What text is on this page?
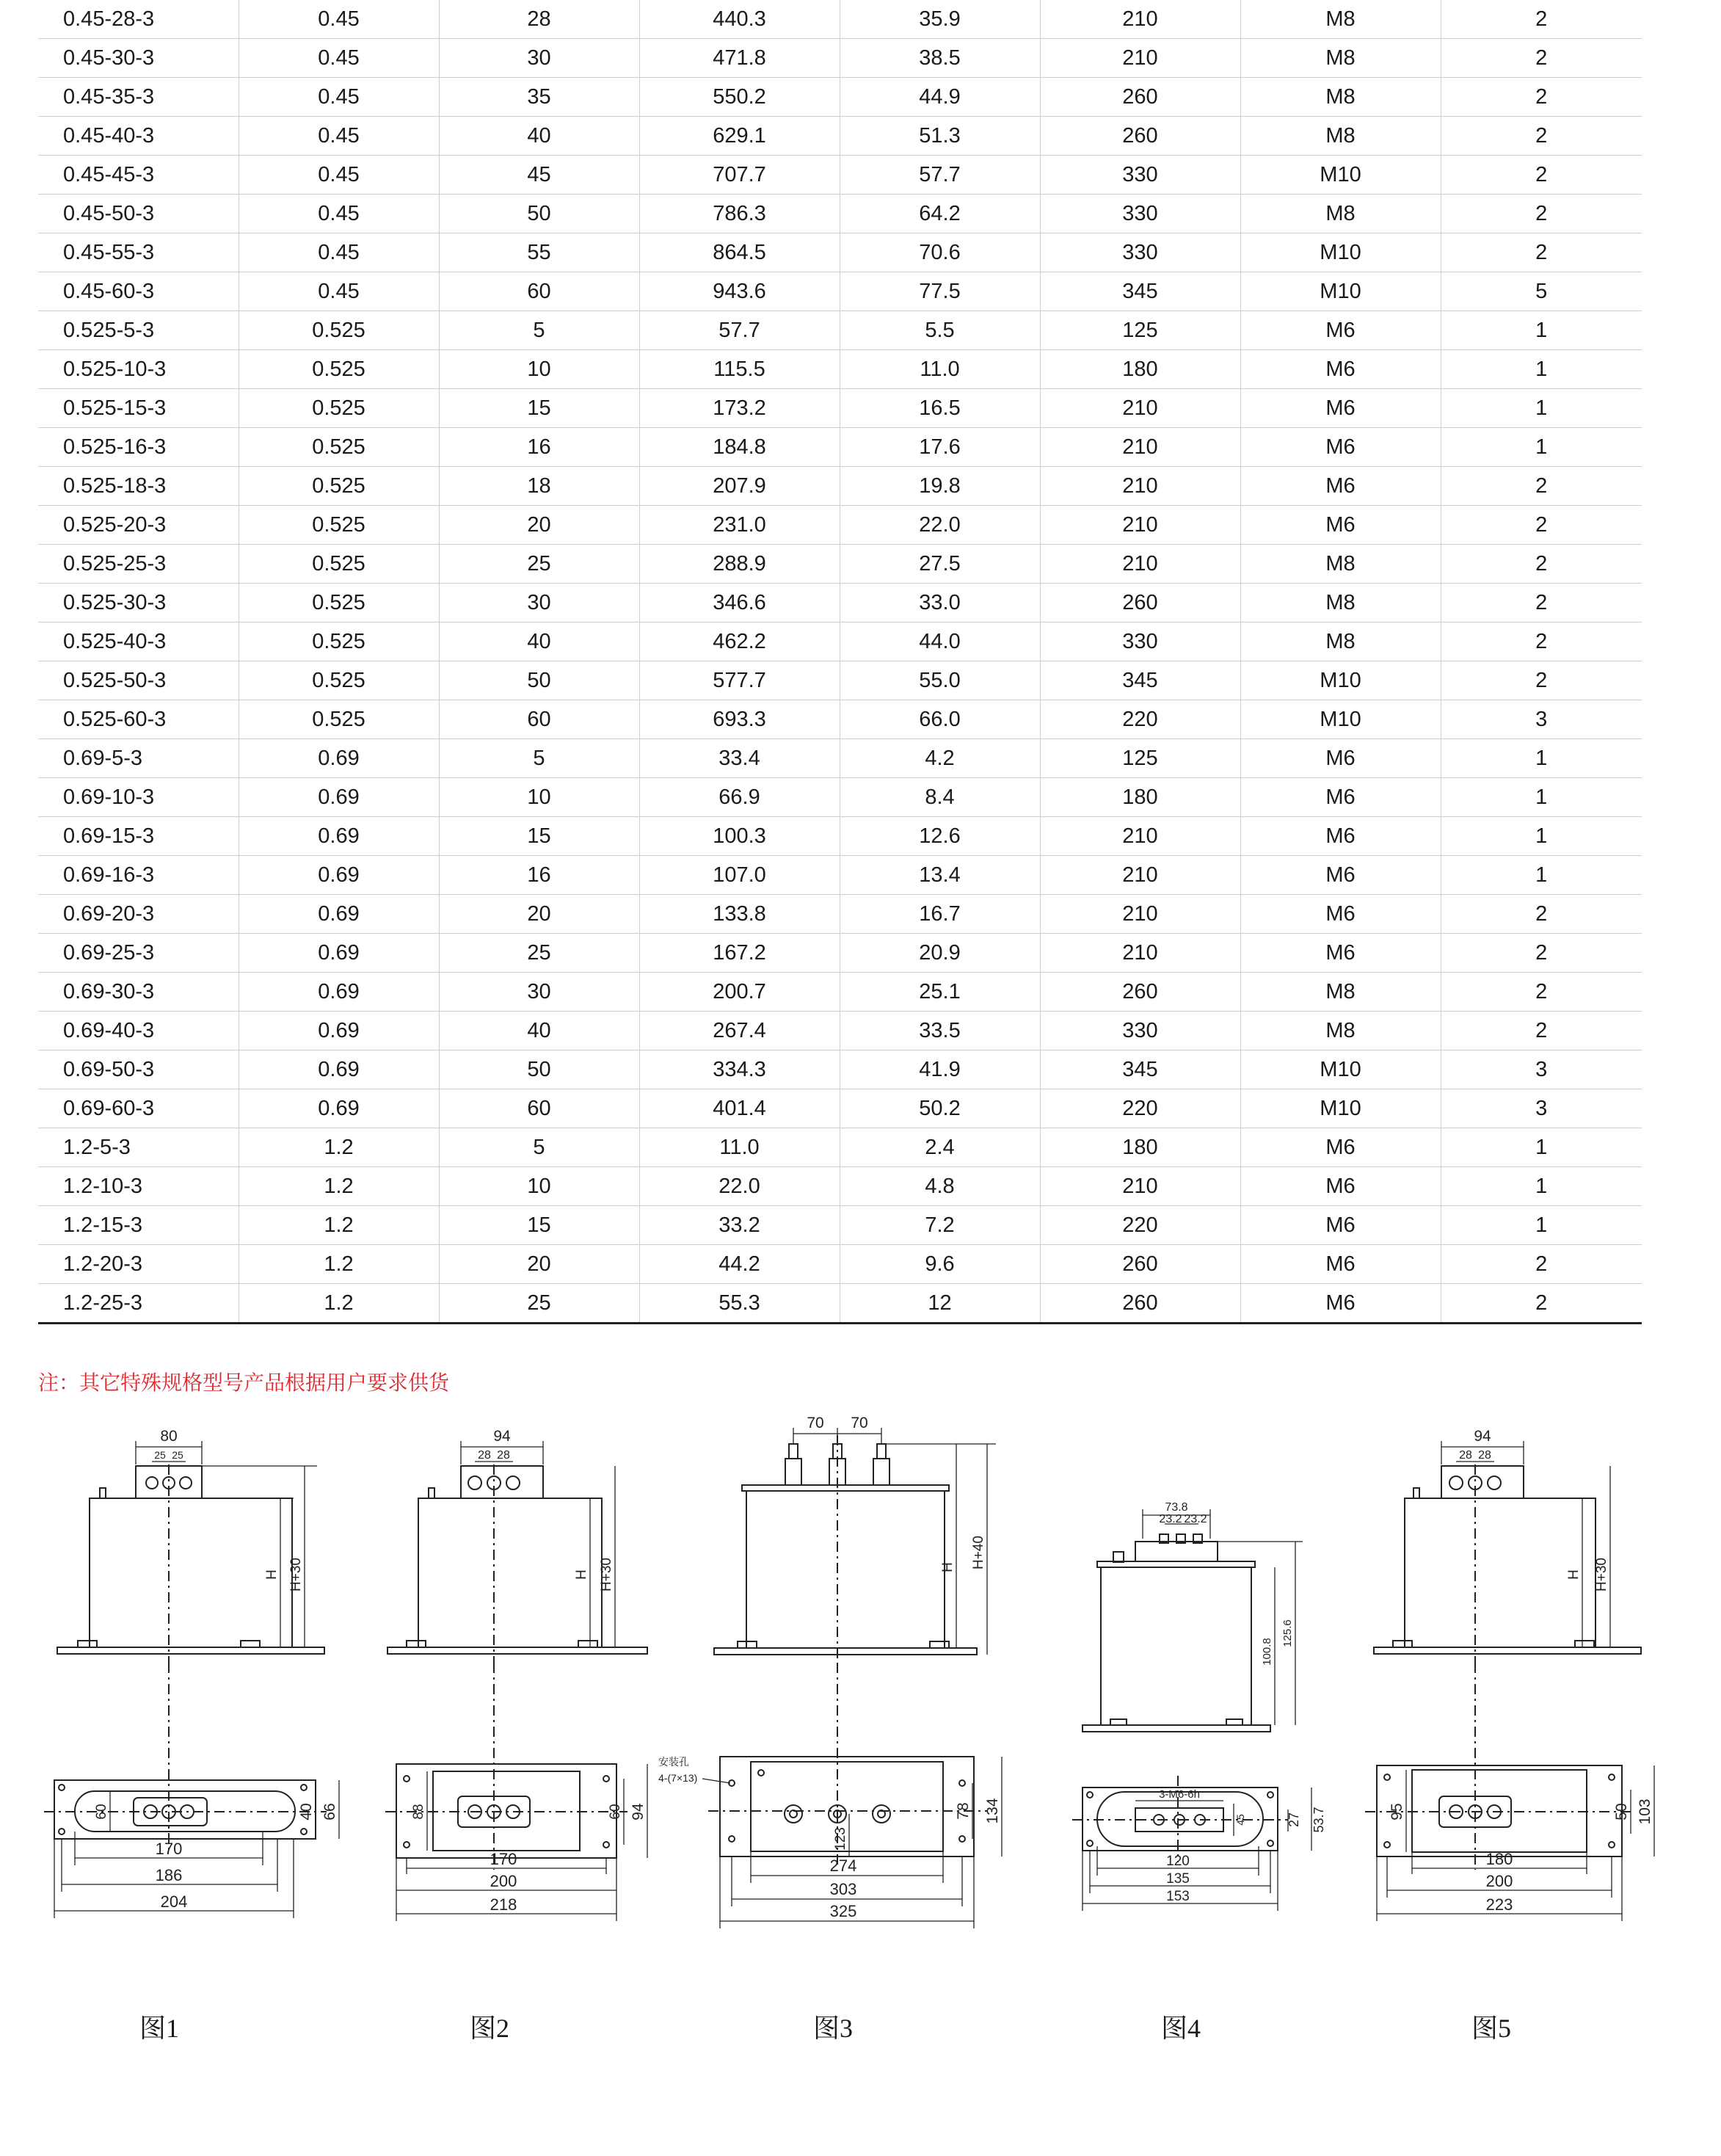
0.45-28-3	0.45	28	440.3	35.9	210	M8	2
0.45-30-3	0.45	30	471.8	38.5	210	M8	2
0.45-35-3	0.45	35	550.2	44.9	260	M8	2
0.45-40-3	0.45	40	629.1	51.3	260	M8	2
0.45-45-3	0.45	45	707.7	57.7	330	M10	2
0.45-50-3	0.45	50	786.3	64.2	330	M8	2
0.45-55-3	0.45	55	864.5	70.6	330	M10	2
0.45-60-3	0.45	60	943.6	77.5	345	M10	5
0.525-5-3	0.525	5	57.7	5.5	125	M6	1
0.525-10-3	0.525	10	115.5	11.0	180	M6	1
0.525-15-3	0.525	15	173.2	16.5	210	M6	1
0.525-16-3	0.525	16	184.8	17.6	210	M6	1
0.525-18-3	0.525	18	207.9	19.8	210	M6	2
0.525-20-3	0.525	20	231.0	22.0	210	M6	2
0.525-25-3	0.525	25	288.9	27.5	210	M8	2
0.525-30-3	0.525	30	346.6	33.0	260	M8	2
0.525-40-3	0.525	40	462.2	44.0	330	M8	2
0.525-50-3	0.525	50	577.7	55.0	345	M10	2
0.525-60-3	0.525	60	693.3	66.0	220	M10	3
0.69-5-3	0.69	5	33.4	4.2	125	M6	1
0.69-10-3	0.69	10	66.9	8.4	180	M6	1
0.69-15-3	0.69	15	100.3	12.6	210	M6	1
0.69-16-3	0.69	16	107.0	13.4	210	M6	1
0.69-20-3	0.69	20	133.8	16.7	210	M6	2
0.69-25-3	0.69	25	167.2	20.9	210	M6	2
0.69-30-3	0.69	30	200.7	25.1	260	M8	2
0.69-40-3	0.69	40	267.4	33.5	330	M8	2
0.69-50-3	0.69	50	334.3	41.9	345	M10	3
0.69-60-3	0.69	60	401.4	50.2	220	M10	3
1.2-5-3	1.2	5	11.0	2.4	180	M6	1
1.2-10-3	1.2	10	22.0	4.8	210	M6	1
1.2-15-3	1.2	15	33.2	7.2	220	M6	1
1.2-20-3	1.2	20	44.2	9.6	260	M6	2
1.2-25-3	1.2	25	55.3	12	260	M6	2
注：其它特殊规格型号产品根据用户要求供货
80
25 25
H H+30
60	40 66
170
186
204
图1
94
28 28
H H+30
88	60 94
170
200
218
图2
70 70
H H+40
安装孔
4-(7×13)
123
78 134
274
303
325
图3
73.8
23.2 23.2
100.8
125.6
3-M6-6h
45	27 53.7
120
135
153
图4
94
28 28
H H+30
95	50 103
180
200
223
图5
